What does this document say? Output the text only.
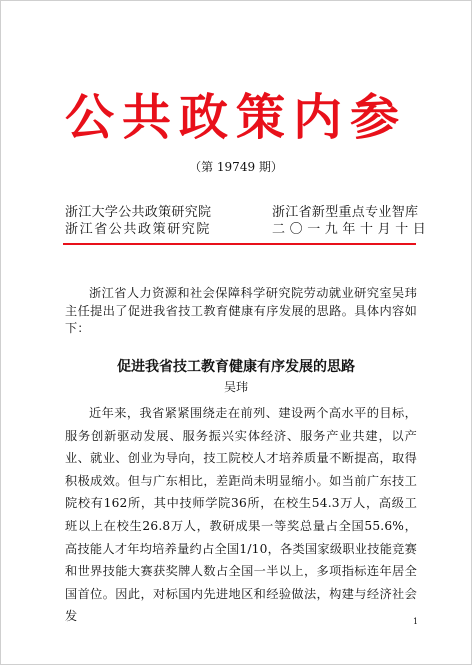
公共政策内参
（第 19749 期）
浙江大学公共政策研究院
浙江省公共政策研究院
浙江省新型重点专业智库
二〇一九年十月十日
浙江省人力资源和社会保障科学研究院劳动就业研究室吴玮主任提出了促进我省技工教育健康有序发展的思路。具体内容如下：
促进我省技工教育健康有序发展的思路
吴玮
近年来，我省紧紧围绕走在前列、建设两个高水平的目标，服务创新驱动发展、服务振兴实体经济、服务产业共建，以产业、就业、创业为导向，技工院校人才培养质量不断提高，取得积极成效。但与广东相比，差距尚未明显缩小。如当前广东技工院校有162所，其中技师学院36所，在校生54.3万人，高级工班以上在校生26.8万人，教研成果一等奖总量占全国55.6%，高技能人才年均培养量约占全国1/10，各类国家级职业技能竞赛和世界技能大赛获奖牌人数占全国一半以上，多项指标连年居全国首位。因此，对标国内先进地区和经验做法，构建与经济社会发	1
